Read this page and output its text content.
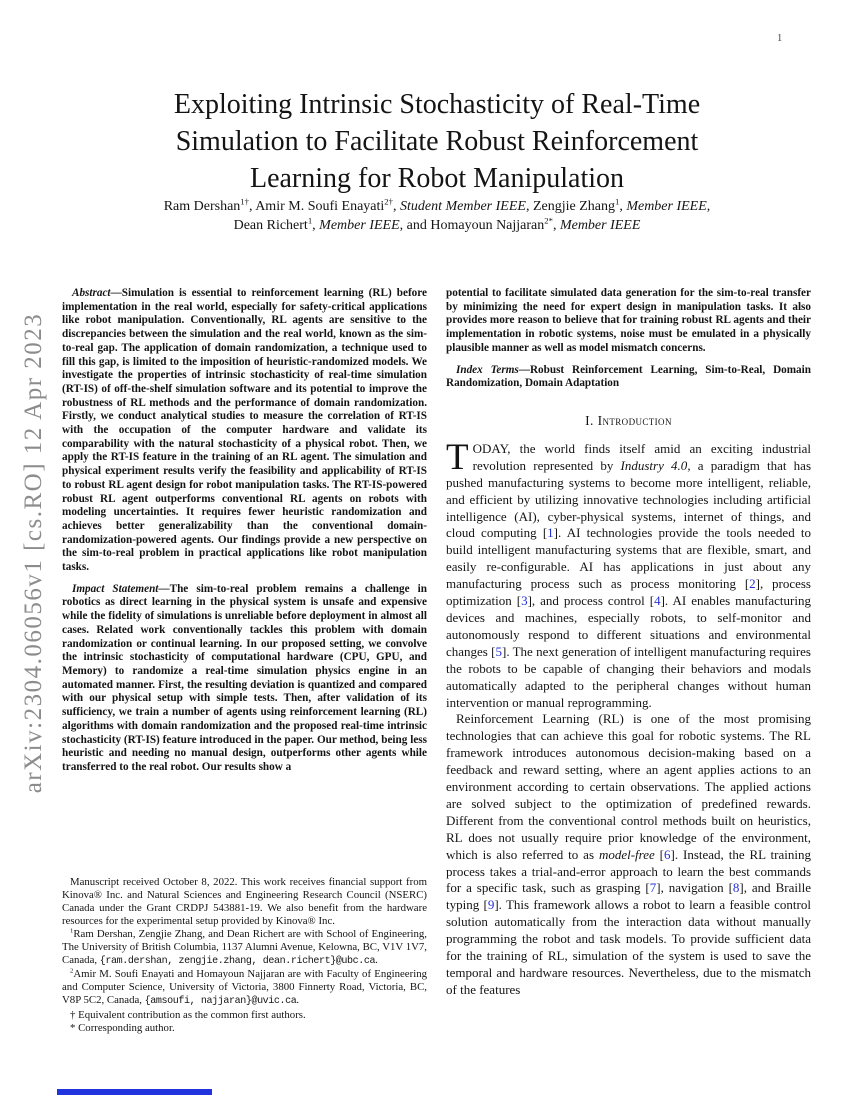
1
arXiv:2304.06056v1 [cs.RO] 12 Apr 2023
Exploiting Intrinsic Stochasticity of Real-Time
Simulation to Facilitate Robust Reinforcement
Learning for Robot Manipulation
Ram Dershan$^{1\dagger}$, Amir M. Soufi Enayati$^{2\dagger}$, Student Member IEEE, Zengjie Zhang$^1$, Member IEEE,
Dean Richert$^1$, Member IEEE, and Homayoun Najjaran$^{2*}$, Member IEEE

Abstract—Simulation is essential to reinforcement learning (RL) before implementation in the real world, especially for safety-critical applications like robot manipulation. Conventionally, RL agents are sensitive to the discrepancies between the simulation and the real world, known as the sim-to-real gap. The application of domain randomization, a technique used to fill this gap, is limited to the imposition of heuristic-randomized models. We investigate the properties of intrinsic stochasticity of real-time simulation (RT-IS) of off-the-shelf simulation software and its potential to improve the robustness of RL methods and the performance of domain randomization. Firstly, we conduct analytical studies to measure the correlation of RT-IS with the occupation of the computer hardware and validate its comparability with the natural stochasticity of a physical robot. Then, we apply the RT-IS feature in the training of an RL agent. The simulation and physical experiment results verify the feasibility and applicability of RT-IS to robust RL agent design for robot manipulation tasks. The RT-IS-powered robust RL agent outperforms conventional RL agents on robots with modeling uncertainties. It requires fewer heuristic randomization and achieves better generalizability than the conventional domain-randomization-powered agents. Our findings provide a new perspective on the sim-to-real problem in practical applications like robot manipulation tasks.

Impact Statement—The sim-to-real problem remains a challenge in robotics as direct learning in the physical system is unsafe and expensive while the fidelity of simulations is unreliable before deployment in almost all cases. Related work conventionally tackles this problem with domain randomization or continual learning. In our proposed setting, we convolve the intrinsic stochasticity of computational hardware (CPU, GPU, and Memory) to randomize a real-time simulation physics engine in an automated manner. First, the resulting deviation is quantized and compared with our physical setup with simple tests. Then, after validation of its sufficiency, we train a number of agents using reinforcement learning (RL) algorithms with domain randomization and the proposed real-time intrinsic stochasticity (RT-IS) feature introduced in the paper. Our method, being less heuristic and needing no manual design, outperforms other agents while transferred to the real robot. Our results show a

Manuscript received October 8, 2022. This work receives financial support from Kinova® Inc. and Natural Sciences and Engineering Research Council (NSERC) Canada under the Grant CRDPJ 543881-19. We also benefit from the hardware resources for the experimental setup provided by Kinova® Inc.

$^1$Ram Dershan, Zengjie Zhang, and Dean Richert are with School of Engineering, The University of British Columbia, 1137 Alumni Avenue, Kelowna, BC, V1V 1V7, Canada, {ram.dershan, zengjie.zhang, dean.richert}@ubc.ca.

$^2$Amir M. Soufi Enayati and Homayoun Najjaran are with Faculty of Engineering and Computer Science, University of Victoria, 3800 Finnerty Road, Victoria, BC, V8P 5C2, Canada, {amsoufi, najjaran}@uvic.ca.

† Equivalent contribution as the common first authors.

* Corresponding author.

potential to facilitate simulated data generation for the sim-to-real transfer by minimizing the need for expert design in manipulation tasks. It also provides more reason to believe that for training robust RL agents and their implementation in robotic systems, noise must be emulated in a physically plausible manner as well as model mismatch concerns.

Index Terms—Robust Reinforcement Learning, Sim-to-Real, Domain Randomization, Domain Adaptation

I. Introduction

TODAY, the world finds itself amid an exciting industrial revolution represented by Industry 4.0, a paradigm that has pushed manufacturing systems to become more intelligent, reliable, and efficient by utilizing innovative technologies including artificial intelligence (AI), cyber-physical systems, internet of things, and cloud computing [1]. AI technologies provide the tools needed to build intelligent manufacturing systems that are flexible, smart, and easily re-configurable. AI has applications in just about any manufacturing process such as process monitoring [2], process optimization [3], and process control [4]. AI enables manufacturing devices and machines, especially robots, to self-monitor and autonomously respond to different situations and environmental changes [5]. The next generation of intelligent manufacturing requires the robots to be capable of changing their behaviors and modals automatically adapted to the peripheral changes without human intervention or manual reprogramming.

Reinforcement Learning (RL) is one of the most promising technologies that can achieve this goal for robotic systems. The RL framework introduces autonomous decision-making based on a feedback and reward setting, where an agent applies actions to an environment according to certain observations. The applied actions are solved subject to the optimization of predefined rewards. Different from the conventional control methods built on heuristics, RL does not usually require prior knowledge of the environment, which is also referred to as model-free [6]. Instead, the RL training process takes a trial-and-error approach to learn the best commands for a specific task, such as grasping [7], navigation [8], and Braille typing [9]. This framework allows a robot to learn a feasible control solution automatically from the interaction data without manually programming the robot and task models. To provide sufficient data for the training of RL, simulation of the system is used to save the temporal and hardware resources. Nevertheless, due to the mismatch of the features
